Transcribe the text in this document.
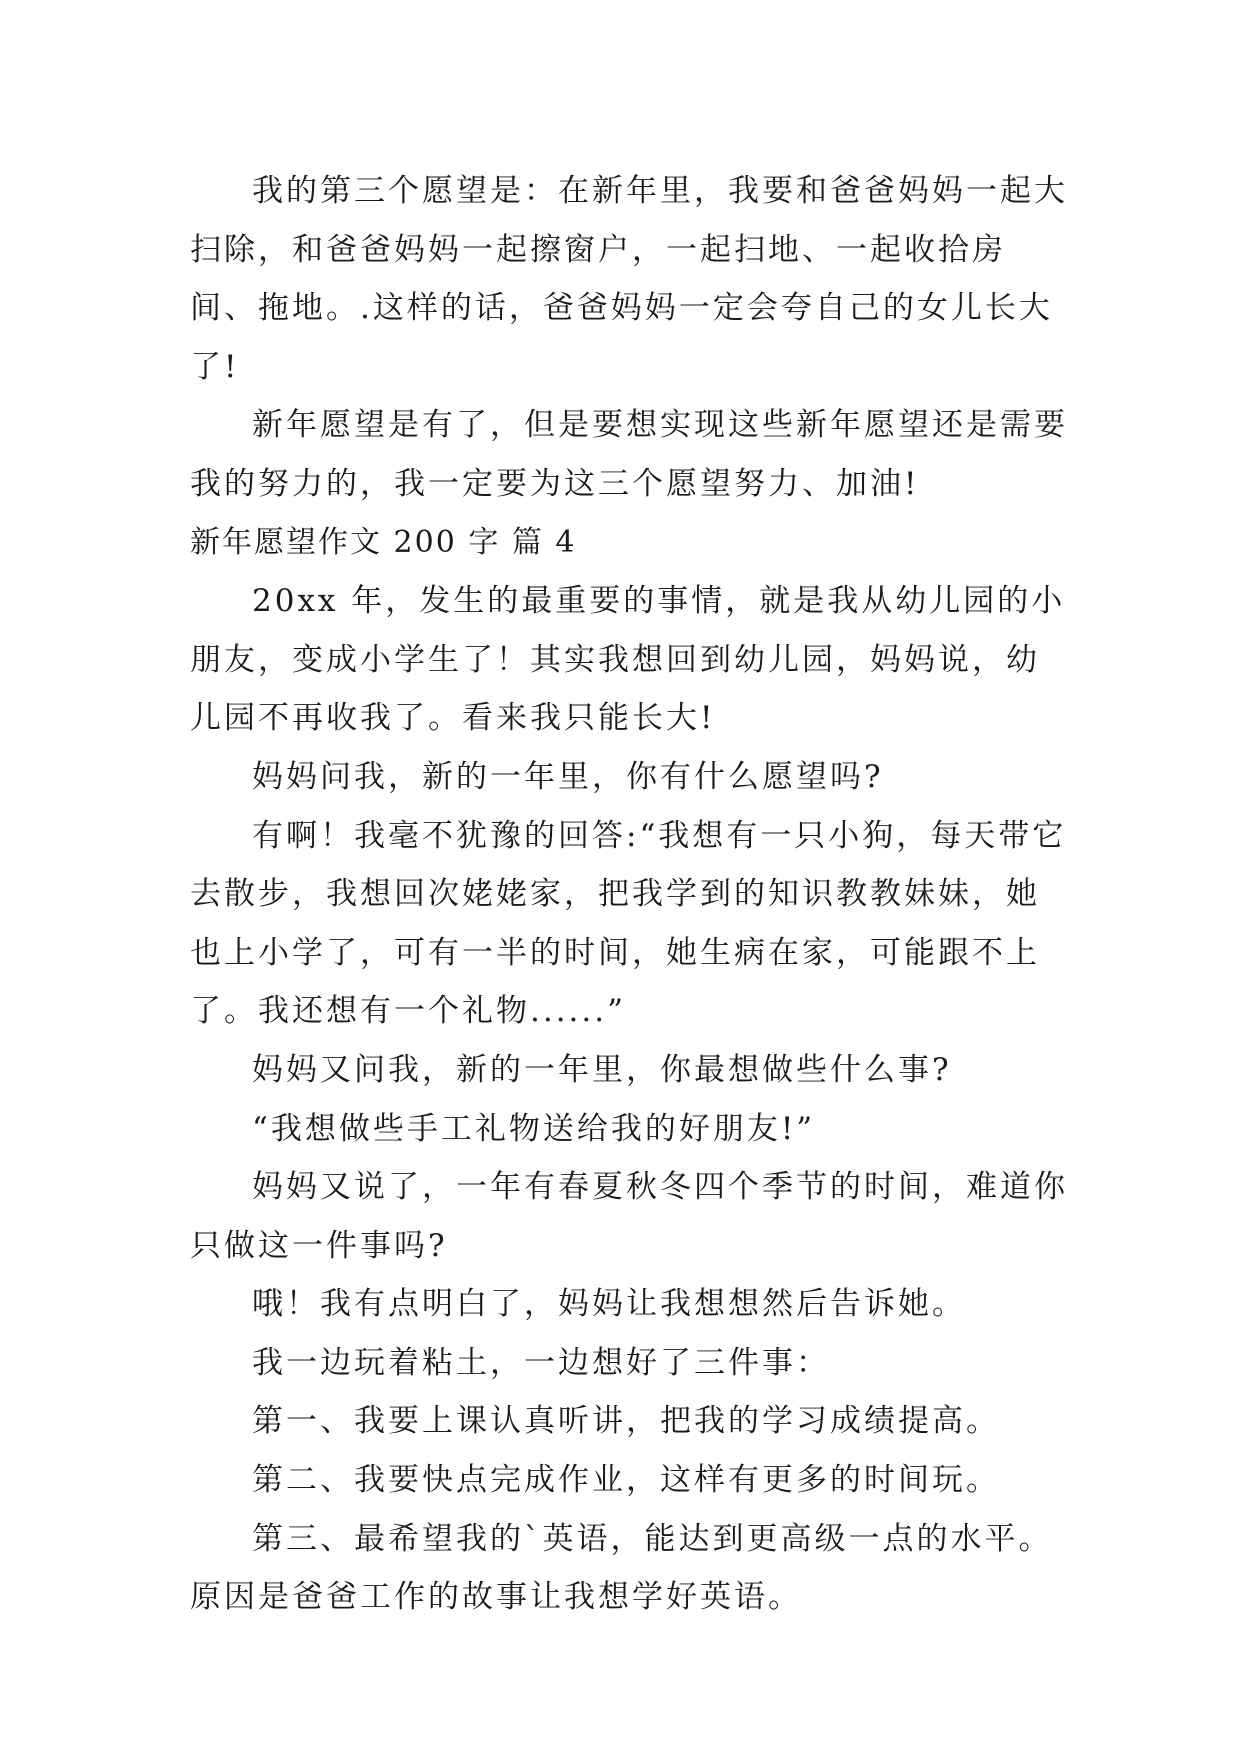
我的第三个愿望是：在新年里，我要和爸爸妈妈一起大扫除，和爸爸妈妈一起擦窗户，一起扫地、一起收拾房间、拖地。.这样的话，爸爸妈妈一定会夸自己的女儿长大了!

新年愿望是有了，但是要想实现这些新年愿望还是需要我的努力的，我一定要为这三个愿望努力、加油!

新年愿望作文 200 字 篇 4

20xx 年，发生的最重要的事情，就是我从幼儿园的小朋友，变成小学生了！其实我想回到幼儿园，妈妈说，幼儿园不再收我了。看来我只能长大!

妈妈问我，新的一年里，你有什么愿望吗?

有啊！我毫不犹豫的回答:“我想有一只小狗，每天带它去散步，我想回次姥姥家，把我学到的知识教教妹妹，她也上小学了，可有一半的时间，她生病在家，可能跟不上了。我还想有一个礼物......”

妈妈又问我，新的一年里，你最想做些什么事?

“我想做些手工礼物送给我的好朋友!”

妈妈又说了，一年有春夏秋冬四个季节的时间，难道你只做这一件事吗?

哦！我有点明白了，妈妈让我想想然后告诉她。

我一边玩着粘土，一边想好了三件事：

第一、我要上课认真听讲，把我的学习成绩提高。

第二、我要快点完成作业，这样有更多的时间玩。

第三、最希望我的`英语，能达到更高级一点的水平。原因是爸爸工作的故事让我想学好英语。
